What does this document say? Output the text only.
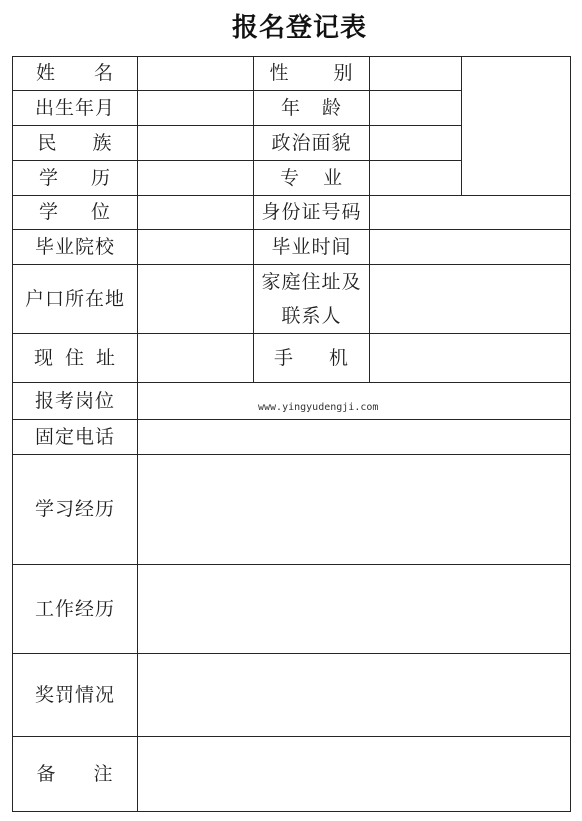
报名登记表
姓 名		性 别		
出生年月		年 龄		
民 族		政治面貌		
学 历		专 业		
学 位		身份证号码		
毕业院校		毕业时间		
户口所在地		家庭住址及
联系人		

现 住 址		手 机		
报考岗位				
固定电话				
学习经历				
工作经历				
奖罚情况				
备 注				
www.yingyudengji.com
